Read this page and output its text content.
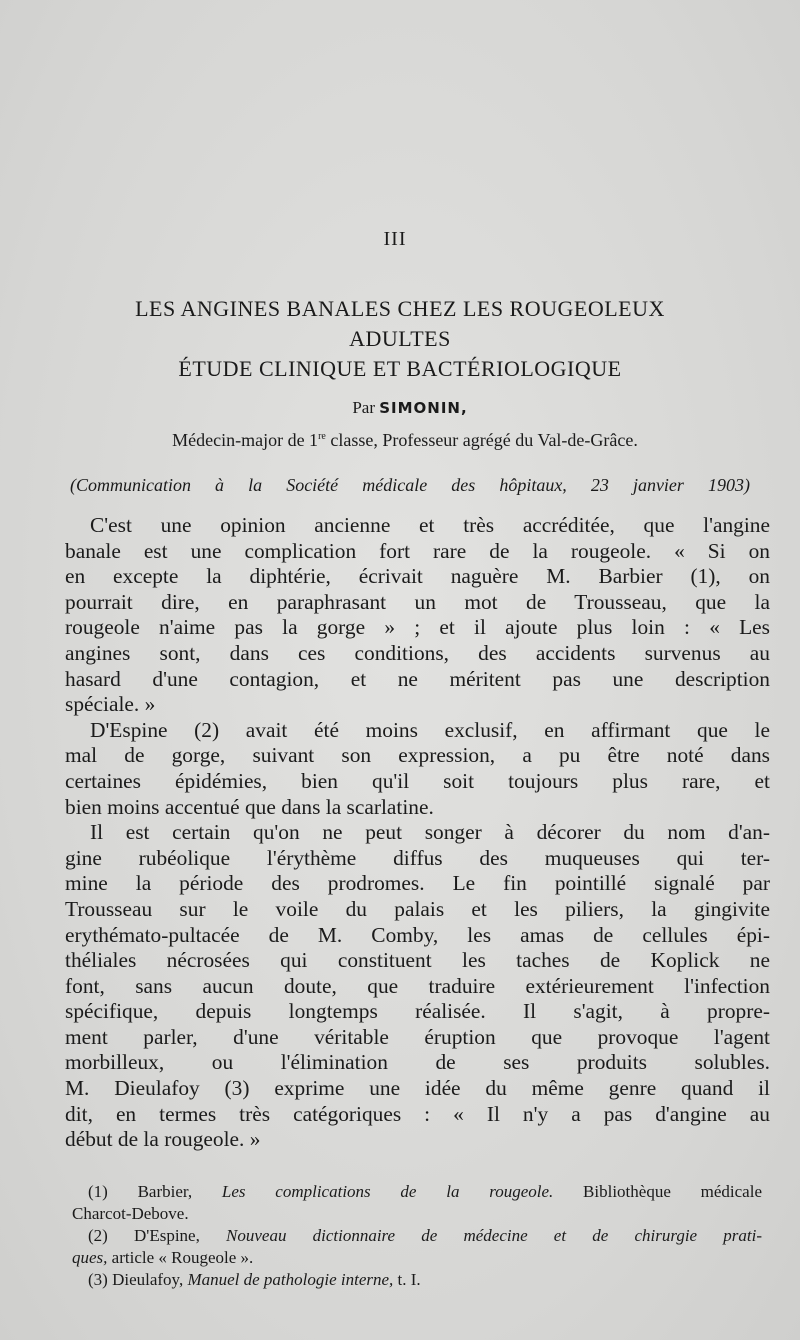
III
LES ANGINES BANALES CHEZ LES ROUGEOLEUX
ADULTES
ÉTUDE CLINIQUE ET BACTÉRIOLOGIQUE
Par SIMONIN,
Médecin-major de 1re classe, Professeur agrégé du Val-de-Grâce.
(Communication à la Société médicale des hôpitaux, 23 janvier 1903)
C'est une opinion ancienne et très accréditée, que l'angine
banale est une complication fort rare de la rougeole. « Si on
en excepte la diphtérie, écrivait naguère M. Barbier (1), on
pourrait dire, en paraphrasant un mot de Trousseau, que la
rougeole n'aime pas la gorge » ; et il ajoute plus loin : « Les
angines sont, dans ces conditions, des accidents survenus au
hasard d'une contagion, et ne méritent pas une description
spéciale. »
D'Espine (2) avait été moins exclusif, en affirmant que le
mal de gorge, suivant son expression, a pu être noté dans
certaines épidémies, bien qu'il soit toujours plus rare, et
bien moins accentué que dans la scarlatine.
Il est certain qu'on ne peut songer à décorer du nom d'an-
gine rubéolique l'érythème diffus des muqueuses qui ter-
mine la période des prodromes. Le fin pointillé signalé par
Trousseau sur le voile du palais et les piliers, la gingivite
erythémato-pultacée de M. Comby, les amas de cellules épi-
théliales nécrosées qui constituent les taches de Koplick ne
font, sans aucun doute, que traduire extérieurement l'infection
spécifique, depuis longtemps réalisée. Il s'agit, à propre-
ment parler, d'une véritable éruption que provoque l'agent
morbilleux, ou l'élimination de ses produits solubles.
M. Dieulafoy (3) exprime une idée du même genre quand il
dit, en termes très catégoriques : « Il n'y a pas d'angine au
début de la rougeole. »
(1) Barbier, Les complications de la rougeole. Bibliothèque médicale
Charcot-Debove.
(2) D'Espine, Nouveau dictionnaire de médecine et de chirurgie prati-
ques, article « Rougeole ».
(3) Dieulafoy, Manuel de pathologie interne, t. I.
